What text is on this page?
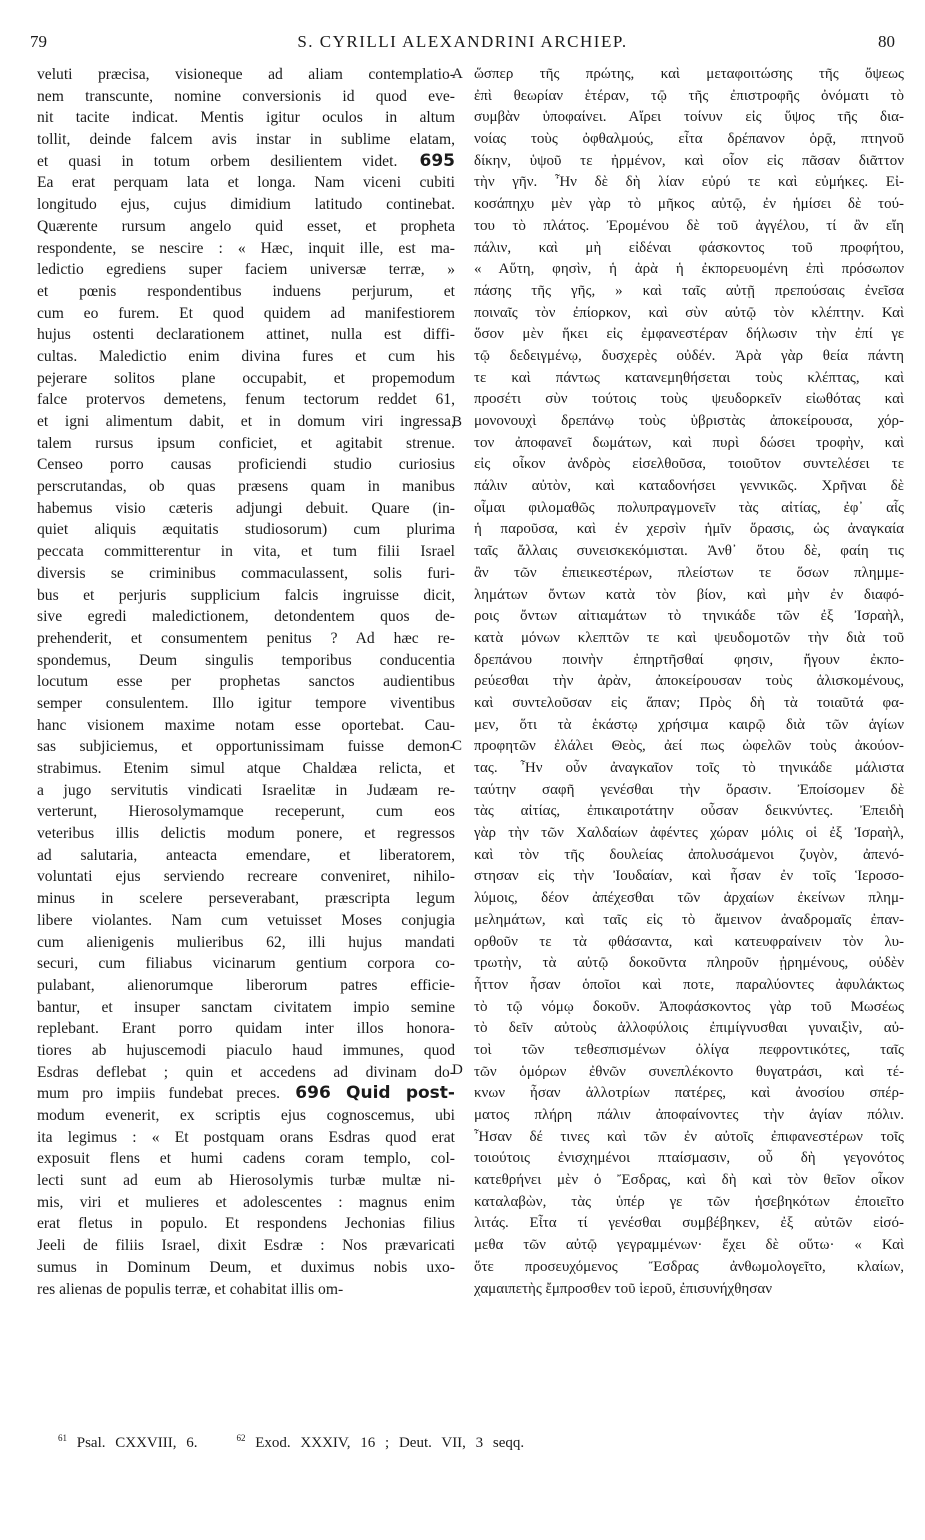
79	S. CYRILLI ALEXANDRINI ARCHIEP.	80
veluti præcisa, visioneque ad aliam contemplatio-
nem transcunte, nomine conversionis id quod eve-
nit tacite indicat. Mentis igitur oculos in altum
tollit, deinde falcem avis instar in sublime elatam,
et quasi in totum orbem desilientem videt. 695
Ea erat perquam lata et longa. Nam viceni cubiti
longitudo ejus, cujus dimidium latitudo continebat.
Quærente rursum angelo quid esset, et propheta
respondente, se nescire : « Hæc, inquit ille, est ma-
ledictio egrediens super faciem universæ terræ, »
et pœnis respondentibus induens perjurum, et
cum eo furem. Et quod quidem ad manifestiorem
hujus ostenti declarationem attinet, nulla est diffi-
cultas. Maledictio enim divina fures et cum his
pejerare solitos plane occupabit, et propemodum
falce protervos demetens, fenum tectorum reddet 61,
et igni alimentum dabit, et in domum viri ingressa,
talem rursus ipsum conficiet, et agitabit strenue.
Censeo porro causas proficiendi studio curiosius
perscrutandas, ob quas præsens quam in manibus
habemus visio cæteris adjungi debuit. Quare (in-
quiet aliquis æquitatis studiosorum) cum plurima
peccata committerentur in vita, et tum filii Israel
diversis se criminibus commaculassent, solis furi-
bus et perjuris supplicium falcis ingruisse dicit,
sive egredi maledictionem, detondentem quos de-
prehenderit, et consumentem penitus ? Ad hæc re-
spondemus, Deum singulis temporibus conducentia
locutum esse per prophetas sanctos audientibus
semper consulentem. Illo igitur tempore viventibus
hanc visionem maxime notam esse oportebat. Cau-
sas subjiciemus, et opportunissimam fuisse demon-
strabimus. Etenim simul atque Chaldæa relicta, et
a jugo servitutis vindicati Israelitæ in Judæam re-
verterunt, Hierosolymamque receperunt, cum eos
veteribus illis delictis modum ponere, et regressos
ad salutaria, anteacta emendare, et liberatorem,
voluntati ejus serviendo recreare conveniret, nihilo-
minus in scelere perseverabant, præscripta legum
libere violantes. Nam cum vetuisset Moses conjugia
cum alienigenis mulieribus 62, illi hujus mandati
securi, cum filiabus vicinarum gentium corpora co-
pulabant, alienorumque liberorum patres efficie-
bantur, et insuper sanctam civitatem impio semine
replebant. Erant porro quidam inter illos honora-
tiores ab hujuscemodi piaculo haud immunes, quod
Esdras deflebat ; quin et accedens ad divinam do-
mum pro impiis fundebat preces. 696 Quid post-
modum evenerit, ex scriptis ejus cognoscemus, ubi
ita legimus : « Et postquam orans Esdras quod erat
exposuit flens et humi cadens coram templo, col-
lecti sunt ad eum ab Hierosolymis turbæ multæ ni-
mis, viri et mulieres et adolescentes : magnus enim
erat fletus in populo. Et respondens Jechonias filius
Jeeli de filiis Israel, dixit Esdræ : Nos prævaricati
sumus in Dominum Deum, et duximus nobis uxo-
res alienas de populis terræ, et cohabitat illis om-
ὥσπερ τῆς πρώτης, καὶ μεταφοιτώσης τῆς ὄψεως
ἐπὶ θεωρίαν ἑτέραν, τῷ τῆς ἐπιστροφῆς ὀνόματι τὸ
συμβὰν ὑποφαίνει. Αἴρει τοίνυν εἰς ὕψος τῆς δια-
νοίας τοὺς ὀφθαλμούς, εἶτα δρέπανον ὁρᾷ, πτηνοῦ
δίκην, ὑψοῦ τε ἠρμένον, καὶ οἷον εἰς πᾶσαν διᾶττον
τὴν γῆν. Ἦν δὲ δὴ λίαν εὐρύ τε καὶ εὐμήκες. Εἰ-
κοσάπηχυ μὲν γὰρ τὸ μῆκος αὐτῷ, ἐν ἡμίσει δὲ τού-
του τὸ πλάτος. Ἐρομένου δὲ τοῦ ἀγγέλου, τί ἂν εἴη
πάλιν, καὶ μὴ εἰδέναι φάσκοντος τοῦ προφήτου,
« Αὕτη, φησὶν, ἡ ἀρὰ ἡ ἐκπορευομένη ἐπὶ πρόσωπον
πάσης τῆς γῆς, » καὶ ταῖς αὐτῇ πρεπούσαις ἐνεῖσα
ποιναῖς τὸν ἐπίορκον, καὶ σὺν αὐτῷ τὸν κλέπτην. Καὶ
ὅσον μὲν ἥκει εἰς ἐμφανεστέραν δήλωσιν τὴν ἐπί γε
τῷ δεδειγμένῳ, δυσχερὲς οὐδέν. Ἀρὰ γὰρ θεία πάντη
τε καὶ πάντως κατανεμηθήσεται τοὺς κλέπτας, καὶ
προσέτι σὺν τούτοις τοὺς ψευδορκεῖν εἰωθότας καὶ
μονονουχὶ δρεπάνῳ τοὺς ὑβριστὰς ἀποκείρουσα, χόρ-
τον ἀποφανεῖ δωμάτων, καὶ πυρὶ δώσει τροφὴν, καὶ
εἰς οἶκον ἀνδρὸς εἰσελθοῦσα, τοιοῦτον συντελέσει τε
πάλιν αὐτὸν, καὶ καταδονήσει γεννικῶς. Χρῆναι δὲ
οἶμαι φιλομαθῶς πολυπραγμονεῖν τὰς αἰτίας, ἐφ᾽ αἷς
ἡ παροῦσα, καὶ ἐν χερσὶν ἡμῖν ὅρασις, ὡς ἀναγκαία
ταῖς ἄλλαις συνεισκεκόμισται. Ἀνθ᾽ ὅτου δὲ, φαίη τις
ἂν τῶν ἐπιεικεστέρων, πλείστων τε ὅσων πλημμε-
λημάτων ὄντων κατὰ τὸν βίον, καὶ μὴν ἐν διαφό-
ροις ὄντων αἰτιαμάτων τὸ τηνικάδε τῶν ἐξ Ἰσραὴλ,
κατὰ μόνων κλεπτῶν τε καὶ ψευδομοτῶν τὴν διὰ τοῦ
δρεπάνου ποινὴν ἐπηρτῆσθαί φησιν, ἤγουν ἐκπο-
ρεύεσθαι τὴν ἀρὰν, ἀποκείρουσαν τοὺς ἁλισκομένους,
καὶ συντελοῦσαν εἰς ἅπαν; Πρὸς δὴ τὰ τοιαῦτά φα-
μεν, ὅτι τὰ ἑκάστῳ χρήσιμα καιρῷ διὰ τῶν ἁγίων
προφητῶν ἐλάλει Θεὸς, ἀεί πως ὠφελῶν τοὺς ἀκούον-
τας. Ἦν οὖν ἀναγκαῖον τοῖς τὸ τηνικάδε μάλιστα
ταύτην σαφῆ γενέσθαι τὴν ὅρασιν. Ἐποίσομεν δὲ
τὰς αἰτίας, ἐπικαιροτάτην οὖσαν δεικνύντες. Ἐπειδὴ
γὰρ τὴν τῶν Χαλδαίων ἀφέντες χώραν μόλις οἱ ἐξ Ἰσραὴλ,
καὶ τὸν τῆς δουλείας ἀπολυσάμενοι ζυγὸν, ἀπενό-
στησαν εἰς τὴν Ἰουδαίαν, καὶ ἦσαν ἐν τοῖς Ἱεροσο-
λύμοις, δέον ἀπέχεσθαι τῶν ἀρχαίων ἐκείνων πλημ-
μελημάτων, καὶ ταῖς εἰς τὸ ἄμεινον ἀναδρομαῖς ἐπαν-
ορθοῦν τε τὰ φθάσαντα, καὶ κατευφραίνειν τὸν λυ-
τρωτὴν, τὰ αὐτῷ δοκοῦντα πληροῦν ᾐρημένους, οὐδὲν
ἧττον ἦσαν ὁποῖοι καὶ ποτε, παραλύοντες ἀφυλάκτως
τὸ τῷ νόμῳ δοκοῦν. Ἀποφάσκοντος γὰρ τοῦ Μωσέως
τὸ δεῖν αὐτοὺς ἀλλοφύλοις ἐπιμίγνυσθαι γυναιξὶν, αὐ-
τοὶ τῶν τεθεσπισμένων ὀλίγα πεφροντικότες, ταῖς
τῶν ὁμόρων ἐθνῶν συνεπλέκοντο θυγατράσι, καὶ τέ-
κνων ἦσαν ἀλλοτρίων πατέρες, καὶ ἀνοσίου σπέρ-
ματος πλήρη πάλιν ἀποφαίνοντες τὴν ἁγίαν πόλιν.
Ἦσαν δέ τινες καὶ τῶν ἐν αὐτοῖς ἐπιφανεστέρων τοῖς
τοιούτοις ἐνισχημένοι πταίσμασιν, οὗ δὴ γεγονότος
κατεθρήνει μὲν ὁ Ἔσδρας, καὶ δὴ καὶ τὸν θεῖον οἶκον
καταλαβὼν, τὰς ὑπέρ γε τῶν ἠσεβηκότων ἐποιεῖτο
λιτάς. Εἶτα τί γενέσθαι συμβέβηκεν, ἐξ αὐτῶν εἰσό-
μεθα τῶν αὐτῷ γεγραμμένων· ἔχει δὲ οὕτω· « Καὶ
ὅτε προσευχόμενος Ἔσδρας ἀνθωμολογεῖτο, κλαίων,
χαμαιπετὴς ἔμπροσθεν τοῦ ἱεροῦ, ἐπισυνήχθησαν
A
B
C
D
$^{61}$ Psal. CXXVIII, 6.	$^{62}$ Exod. XXXIV, 16 ; Deut. VII, 3 seqq.
